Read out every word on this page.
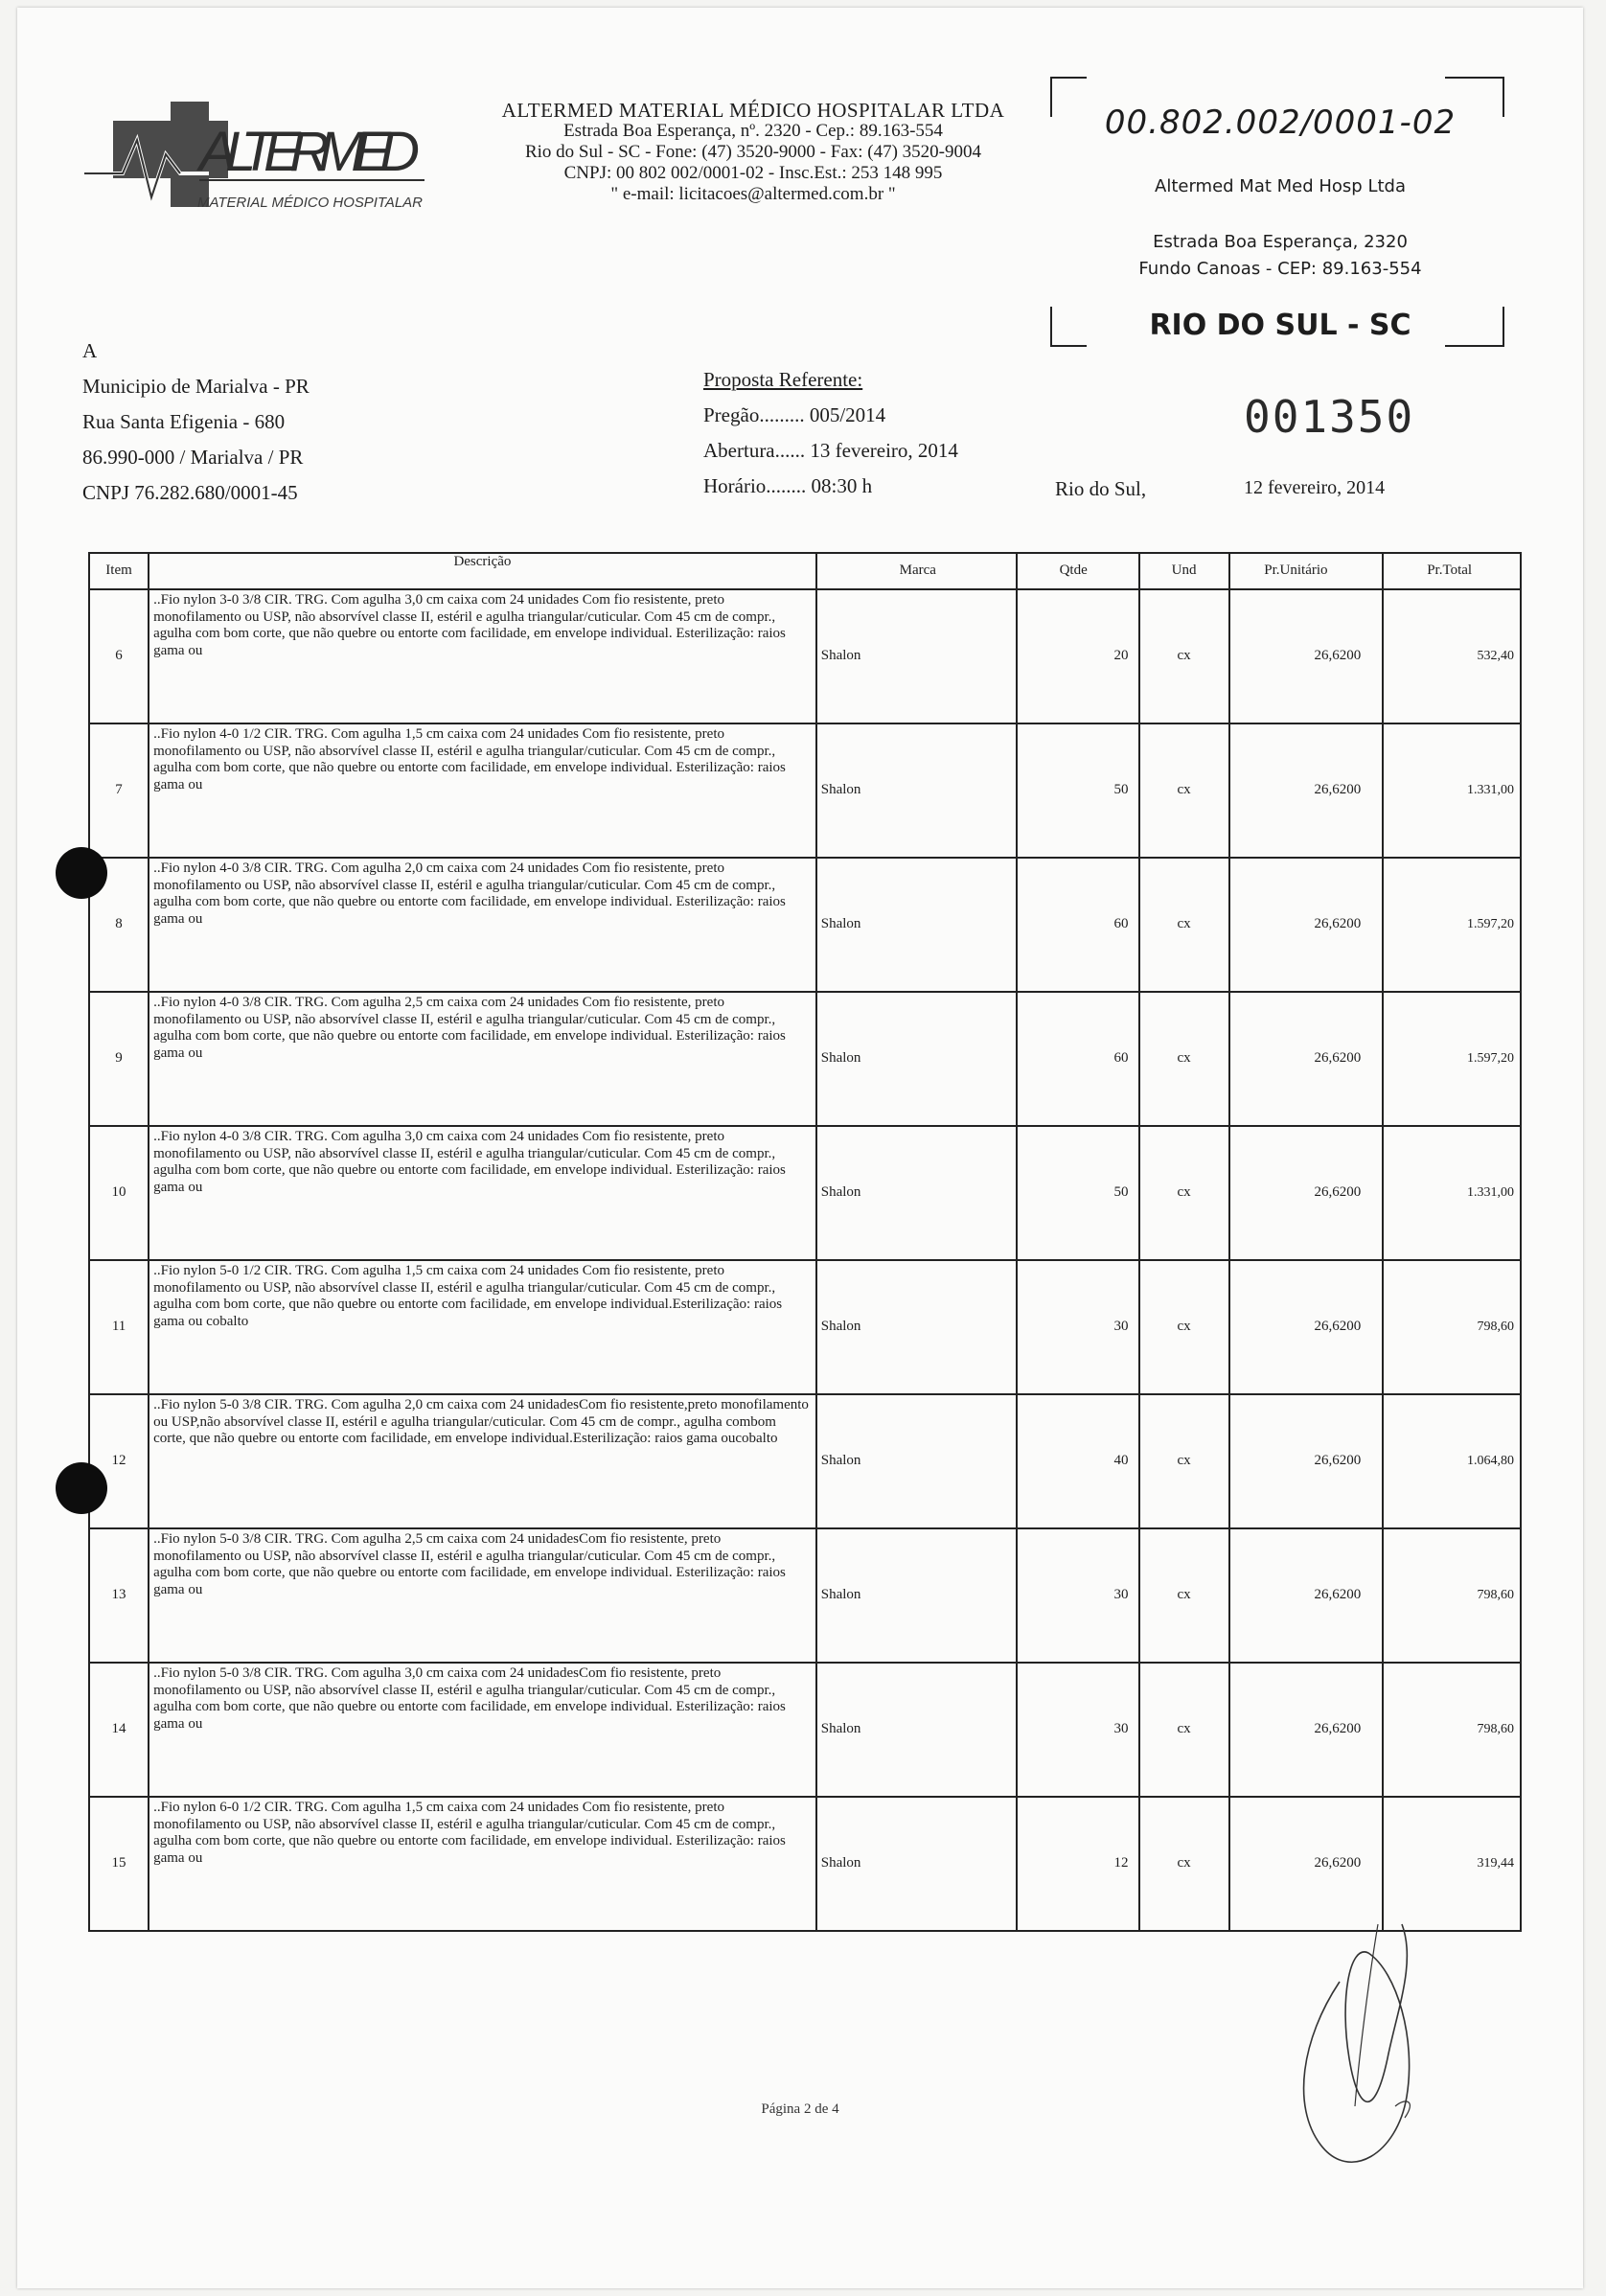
ALTERMED
MATERIAL MÉDICO HOSPITALAR
ALTERMED MATERIAL MÉDICO HOSPITALAR LTDA
Estrada Boa Esperança, nº. 2320 - Cep.: 89.163-554
Rio do Sul - SC - Fone: (47) 3520-9000 - Fax: (47) 3520-9004
CNPJ: 00 802 002/0001-02 - Insc.Est.: 253 148 995
" e-mail: licitacoes@altermed.com.br "
00.802.002/0001-02
Altermed Mat Med Hosp Ltda
Estrada Boa Esperança, 2320
Fundo Canoas - CEP: 89.163-554
RIO DO SUL - SC
A
Municipio de Marialva - PR
Rua Santa Efigenia - 680
86.990-000 / Marialva / PR
CNPJ 76.282.680/0001-45
Proposta Referente:
Pregão......... 005/2014
Abertura...... 13 fevereiro, 2014
Horário........ 08:30 h
001350
Rio do Sul,	12 fevereiro, 2014
Item	Descrição	Marca	Qtde	Und	Pr.Unitário	Pr.Total
6	..Fio nylon 3-0 3/8 CIR. TRG. Com agulha 3,0 cm caixa com 24 unidades Com fio resistente, preto monofilamento ou USP, não absorvível classe II, estéril e agulha triangular/cuticular. Com 45 cm de compr., agulha com bom corte, que não quebre ou entorte com facilidade, em envelope individual. Esterilização: raios gama ou	Shalon	20	cx	26,6200	532,40
7	..Fio nylon 4-0 1/2 CIR. TRG. Com agulha 1,5 cm caixa com 24 unidades Com fio resistente, preto monofilamento ou USP, não absorvível classe II, estéril e agulha triangular/cuticular. Com 45 cm de compr., agulha com bom corte, que não quebre ou entorte com facilidade, em envelope individual. Esterilização: raios gama ou	Shalon	50	cx	26,6200	1.331,00
8	..Fio nylon 4-0 3/8 CIR. TRG. Com agulha 2,0 cm caixa com 24 unidades Com fio resistente, preto monofilamento ou USP, não absorvível classe II, estéril e agulha triangular/cuticular. Com 45 cm de compr., agulha com bom corte, que não quebre ou entorte com facilidade, em envelope individual. Esterilização: raios gama ou	Shalon	60	cx	26,6200	1.597,20
9	..Fio nylon 4-0 3/8 CIR. TRG. Com agulha 2,5 cm caixa com 24 unidades Com fio resistente, preto monofilamento ou USP, não absorvível classe II, estéril e agulha triangular/cuticular. Com 45 cm de compr., agulha com bom corte, que não quebre ou entorte com facilidade, em envelope individual. Esterilização: raios gama ou	Shalon	60	cx	26,6200	1.597,20
10	..Fio nylon 4-0 3/8 CIR. TRG. Com agulha 3,0 cm caixa com 24 unidades Com fio resistente, preto monofilamento ou USP, não absorvível classe II, estéril e agulha triangular/cuticular. Com 45 cm de compr., agulha com bom corte, que não quebre ou entorte com facilidade, em envelope individual. Esterilização: raios gama ou	Shalon	50	cx	26,6200	1.331,00
11	..Fio nylon 5-0 1/2 CIR. TRG. Com agulha 1,5 cm caixa com 24 unidades Com fio resistente, preto monofilamento ou USP, não absorvível classe II, estéril e agulha triangular/cuticular. Com 45 cm de compr., agulha com bom corte, que não quebre ou entorte com facilidade, em envelope individual.Esterilização: raios gama ou cobalto	Shalon	30	cx	26,6200	798,60
12	..Fio nylon 5-0 3/8 CIR. TRG. Com agulha 2,0 cm caixa com 24 unidadesCom fio resistente,preto monofilamento ou USP,não absorvível classe II, estéril e agulha triangular/cuticular. Com 45 cm de compr., agulha combom corte, que não quebre ou entorte com facilidade, em envelope individual.Esterilização: raios gama oucobalto	Shalon	40	cx	26,6200	1.064,80
13	..Fio nylon 5-0 3/8 CIR. TRG. Com agulha 2,5 cm caixa com 24 unidadesCom fio resistente, preto monofilamento ou USP, não absorvível classe II, estéril e agulha triangular/cuticular. Com 45 cm de compr., agulha com bom corte, que não quebre ou entorte com facilidade, em envelope individual. Esterilização: raios gama ou	Shalon	30	cx	26,6200	798,60
14	..Fio nylon 5-0 3/8 CIR. TRG. Com agulha 3,0 cm caixa com 24 unidadesCom fio resistente, preto monofilamento ou USP, não absorvível classe II, estéril e agulha triangular/cuticular. Com 45 cm de compr., agulha com bom corte, que não quebre ou entorte com facilidade, em envelope individual. Esterilização: raios gama ou	Shalon	30	cx	26,6200	798,60
15	..Fio nylon 6-0 1/2 CIR. TRG. Com agulha 1,5 cm caixa com 24 unidades Com fio resistente, preto monofilamento ou USP, não absorvível classe II, estéril e agulha triangular/cuticular. Com 45 cm de compr., agulha com bom corte, que não quebre ou entorte com facilidade, em envelope individual. Esterilização: raios gama ou	Shalon	12	cx	26,6200	319,44
Página 2 de 4
